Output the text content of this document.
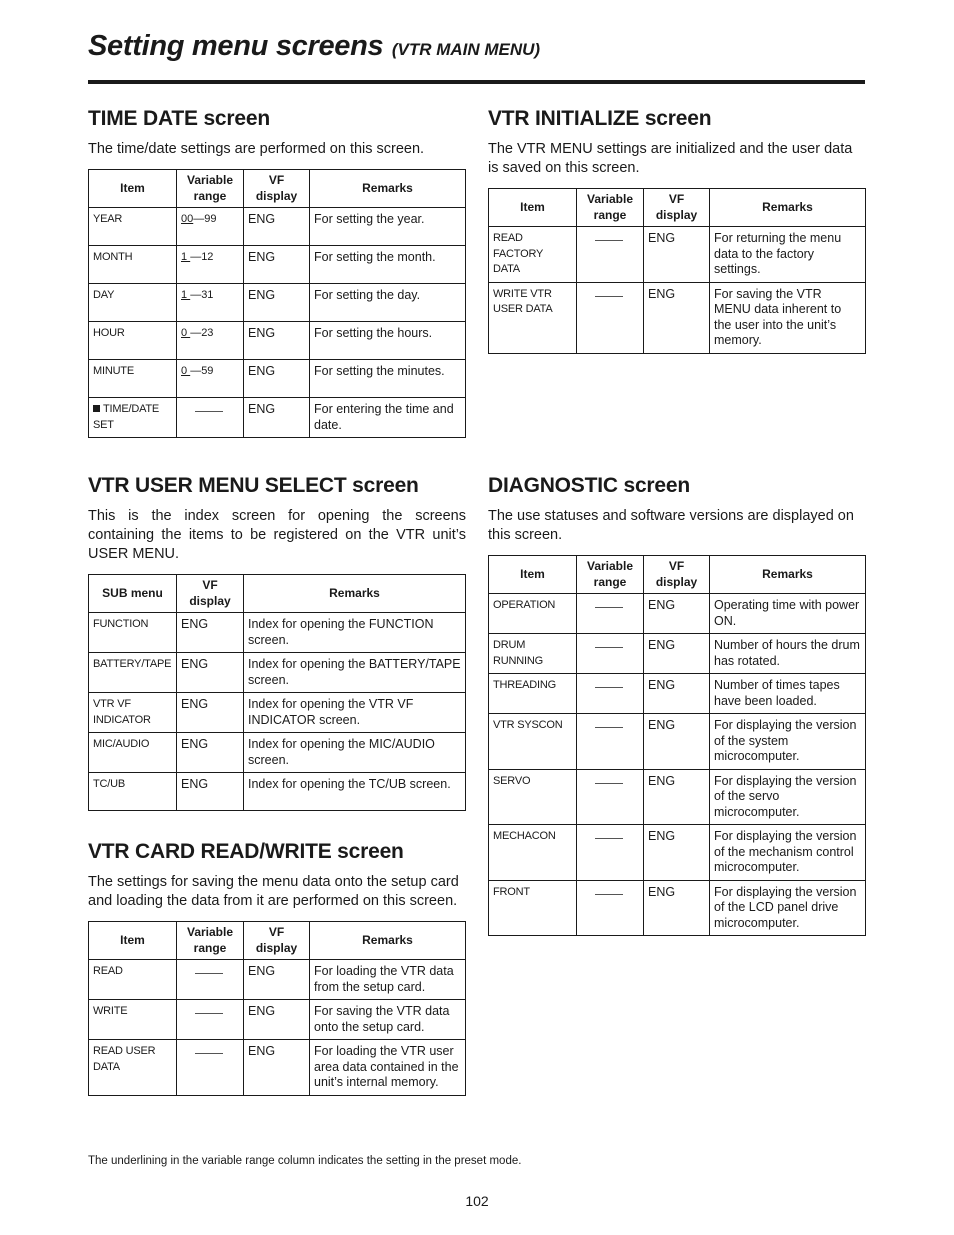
Setting menu screens (VTR MAIN MENU)
TIME DATE screen

The time/date settings are performed on this screen.

Item	Variable range	VF display	Remarks
YEAR	00—99	ENG	For setting the year.
MONTH	1 —12	ENG	For setting the month.
DAY	1 —31	ENG	For setting the day.
HOUR	0 —23	ENG	For setting the hours.
MINUTE	0 —59	ENG	For setting the minutes.
TIME/DATE SET		ENG	For entering the time and date.
VTR INITIALIZE screen

The VTR MENU settings are initialized and the user data is saved on this screen.

Item	Variable range	VF display	Remarks
READ FACTORY DATA		ENG	For returning the menu data to the factory settings.
WRITE VTR USER DATA		ENG	For saving the VTR MENU data inherent to the user into the unit’s memory.
VTR USER MENU SELECT screen

This is the index screen for opening the screens containing the items to be registered on the VTR unit’s USER MENU.

SUB menu	VF display	Remarks
FUNCTION	ENG	Index for opening the FUNCTION screen.
BATTERY/TAPE	ENG	Index for opening the BATTERY/TAPE screen.
VTR VF INDICATOR	ENG	Index for opening the VTR VF INDICATOR screen.
MIC/AUDIO	ENG	Index for opening the MIC/AUDIO screen.
TC/UB	ENG	Index for opening the TC/UB screen.
DIAGNOSTIC screen

The use statuses and software versions are displayed on this screen.

Item	Variable range	VF display	Remarks
OPERATION		ENG	Operating time with power ON.
DRUM RUNNING		ENG	Number of hours the drum has rotated.
THREADING		ENG	Number of times tapes have been loaded.
VTR SYSCON		ENG	For displaying the version of the system microcomputer.
SERVO		ENG	For displaying the version of the servo microcomputer.
MECHACON		ENG	For displaying the version of the mechanism control microcomputer.
FRONT		ENG	For displaying the version of the LCD panel drive microcomputer.
VTR CARD READ/WRITE screen

The settings for saving the menu data onto the setup card and loading the data from it are performed on this screen.

Item	Variable range	VF display	Remarks
READ		ENG	For loading the VTR data from the setup card.
WRITE		ENG	For saving the VTR data onto the setup card.
READ USER DATA		ENG	For loading the VTR user area data contained in the unit’s internal memory.
The underlining in the variable range column indicates the setting in the preset mode.
102
